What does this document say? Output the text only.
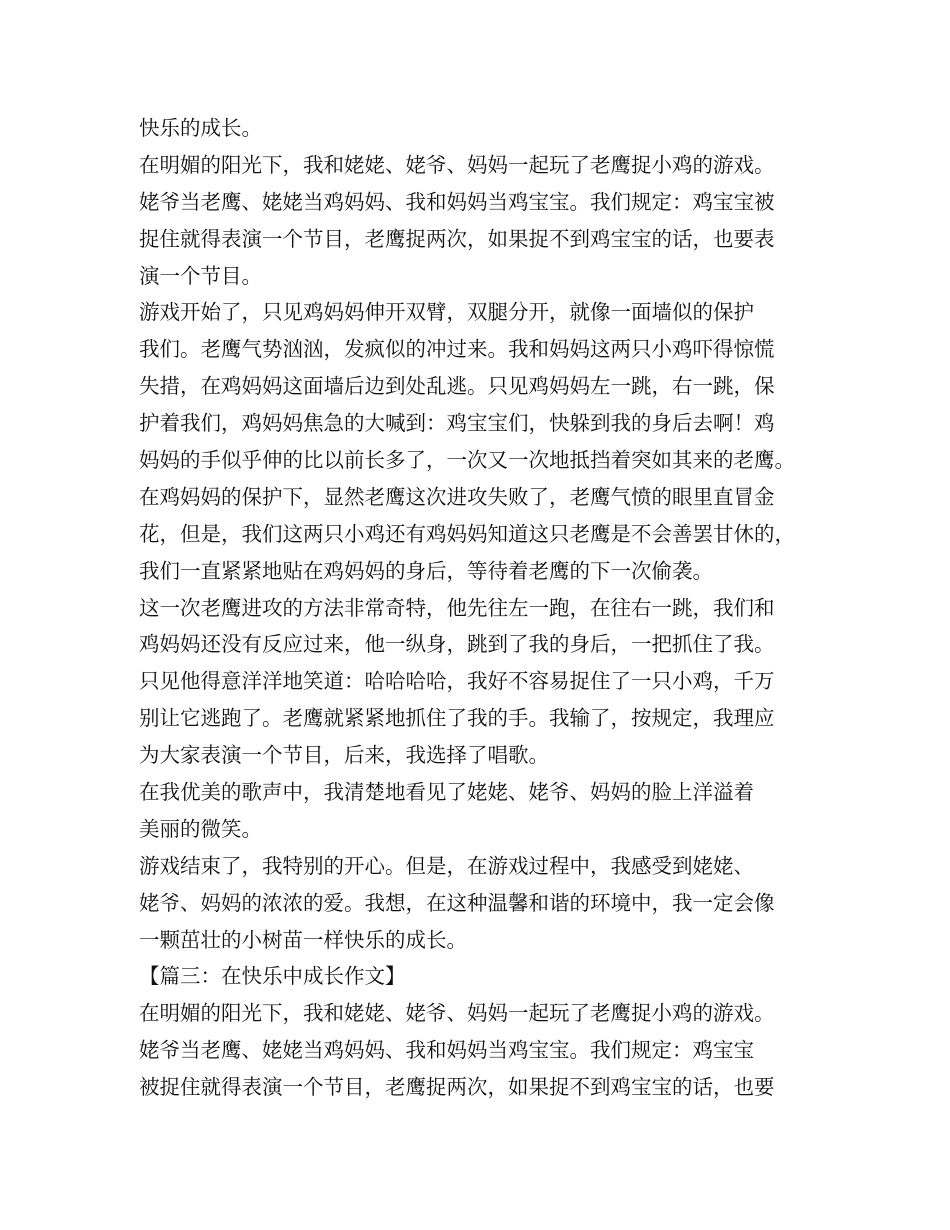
快乐的成长。
在明媚的阳光下，我和姥姥、姥爷、妈妈一起玩了老鹰捉小鸡的游戏。
姥爷当老鹰、姥姥当鸡妈妈、我和妈妈当鸡宝宝。我们规定：鸡宝宝被
捉住就得表演一个节目，老鹰捉两次，如果捉不到鸡宝宝的话，也要表
演一个节目。
游戏开始了，只见鸡妈妈伸开双臂，双腿分开，就像一面墙似的保护
我们。老鹰气势汹汹，发疯似的冲过来。我和妈妈这两只小鸡吓得惊慌
失措，在鸡妈妈这面墙后边到处乱逃。只见鸡妈妈左一跳，右一跳，保
护着我们，鸡妈妈焦急的大喊到：鸡宝宝们，快躲到我的身后去啊！鸡
妈妈的手似乎伸的比以前长多了，一次又一次地抵挡着突如其来的老鹰。
在鸡妈妈的保护下，显然老鹰这次进攻失败了，老鹰气愤的眼里直冒金
花，但是，我们这两只小鸡还有鸡妈妈知道这只老鹰是不会善罢甘休的，
我们一直紧紧地贴在鸡妈妈的身后，等待着老鹰的下一次偷袭。
这一次老鹰进攻的方法非常奇特，他先往左一跑，在往右一跳，我们和
鸡妈妈还没有反应过来，他一纵身，跳到了我的身后，一把抓住了我。
只见他得意洋洋地笑道：哈哈哈哈，我好不容易捉住了一只小鸡，千万
别让它逃跑了。老鹰就紧紧地抓住了我的手。我输了，按规定，我理应
为大家表演一个节目，后来，我选择了唱歌。
在我优美的歌声中，我清楚地看见了姥姥、姥爷、妈妈的脸上洋溢着
美丽的微笑。
游戏结束了，我特别的开心。但是，在游戏过程中，我感受到姥姥、
姥爷、妈妈的浓浓的爱。我想，在这种温馨和谐的环境中，我一定会像
一颗茁壮的小树苗一样快乐的成长。
【篇三：在快乐中成长作文】
在明媚的阳光下，我和姥姥、姥爷、妈妈一起玩了老鹰捉小鸡的游戏。
姥爷当老鹰、姥姥当鸡妈妈、我和妈妈当鸡宝宝。我们规定：鸡宝宝
被捉住就得表演一个节目，老鹰捉两次，如果捉不到鸡宝宝的话，也要
